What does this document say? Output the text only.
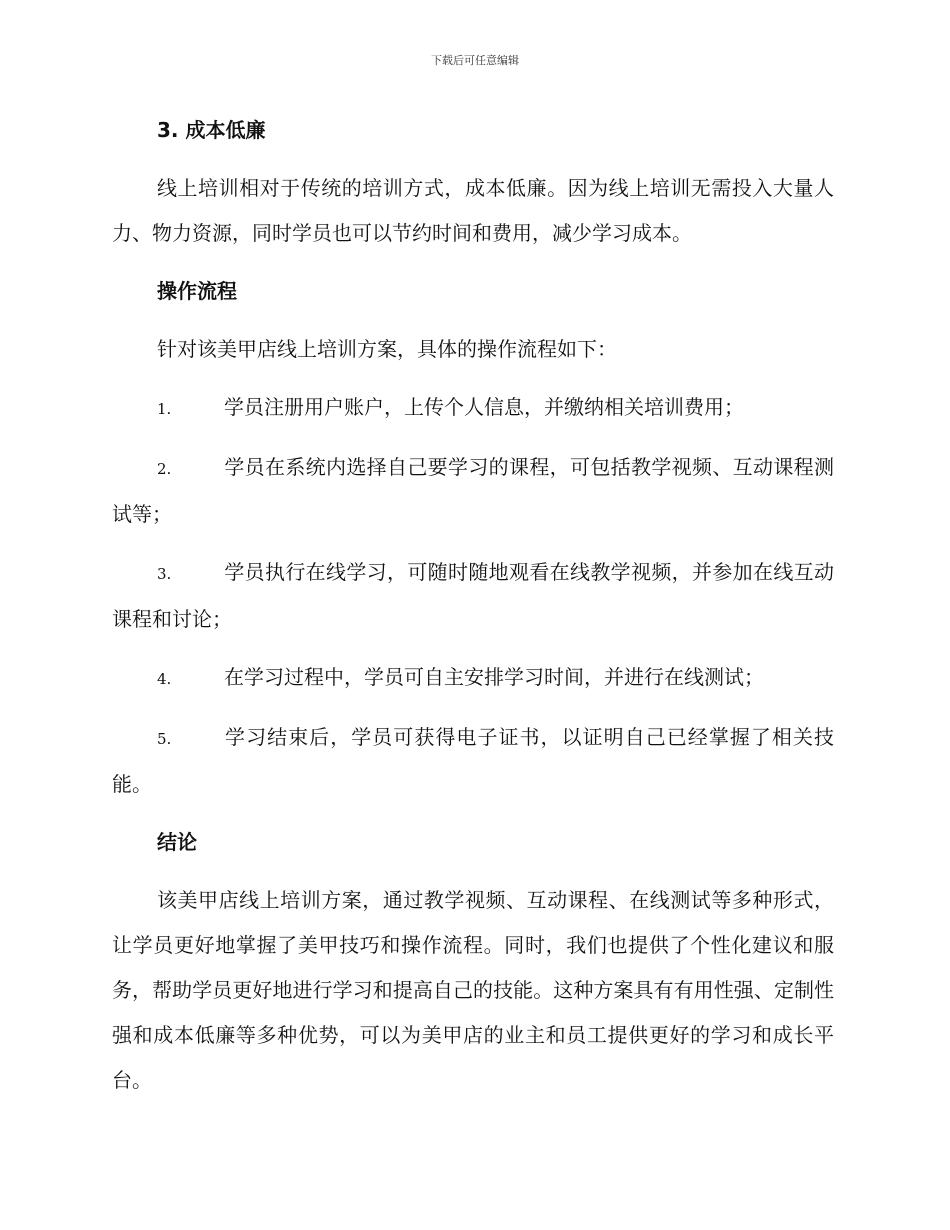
下载后可任意编辑
3. 成本低廉

线上培训相对于传统的培训方式，成本低廉。因为线上培训无需投入大量人力、物力资源，同时学员也可以节约时间和费用，减少学习成本。

操作流程

针对该美甲店线上培训方案，具体的操作流程如下：

1.	学员注册用户账户，上传个人信息，并缴纳相关培训费用；

2.	学员在系统内选择自己要学习的课程，可包括教学视频、互动课程测试等；

3.	学员执行在线学习，可随时随地观看在线教学视频，并参加在线互动课程和讨论；

4.	在学习过程中，学员可自主安排学习时间，并进行在线测试；

5.	学习结束后，学员可获得电子证书，以证明自己已经掌握了相关技能。

结论

该美甲店线上培训方案，通过教学视频、互动课程、在线测试等多种形式，让学员更好地掌握了美甲技巧和操作流程。同时，我们也提供了个性化建议和服务，帮助学员更好地进行学习和提高自己的技能。这种方案具有有用性强、定制性强和成本低廉等多种优势，可以为美甲店的业主和员工提供更好的学习和成长平台。
